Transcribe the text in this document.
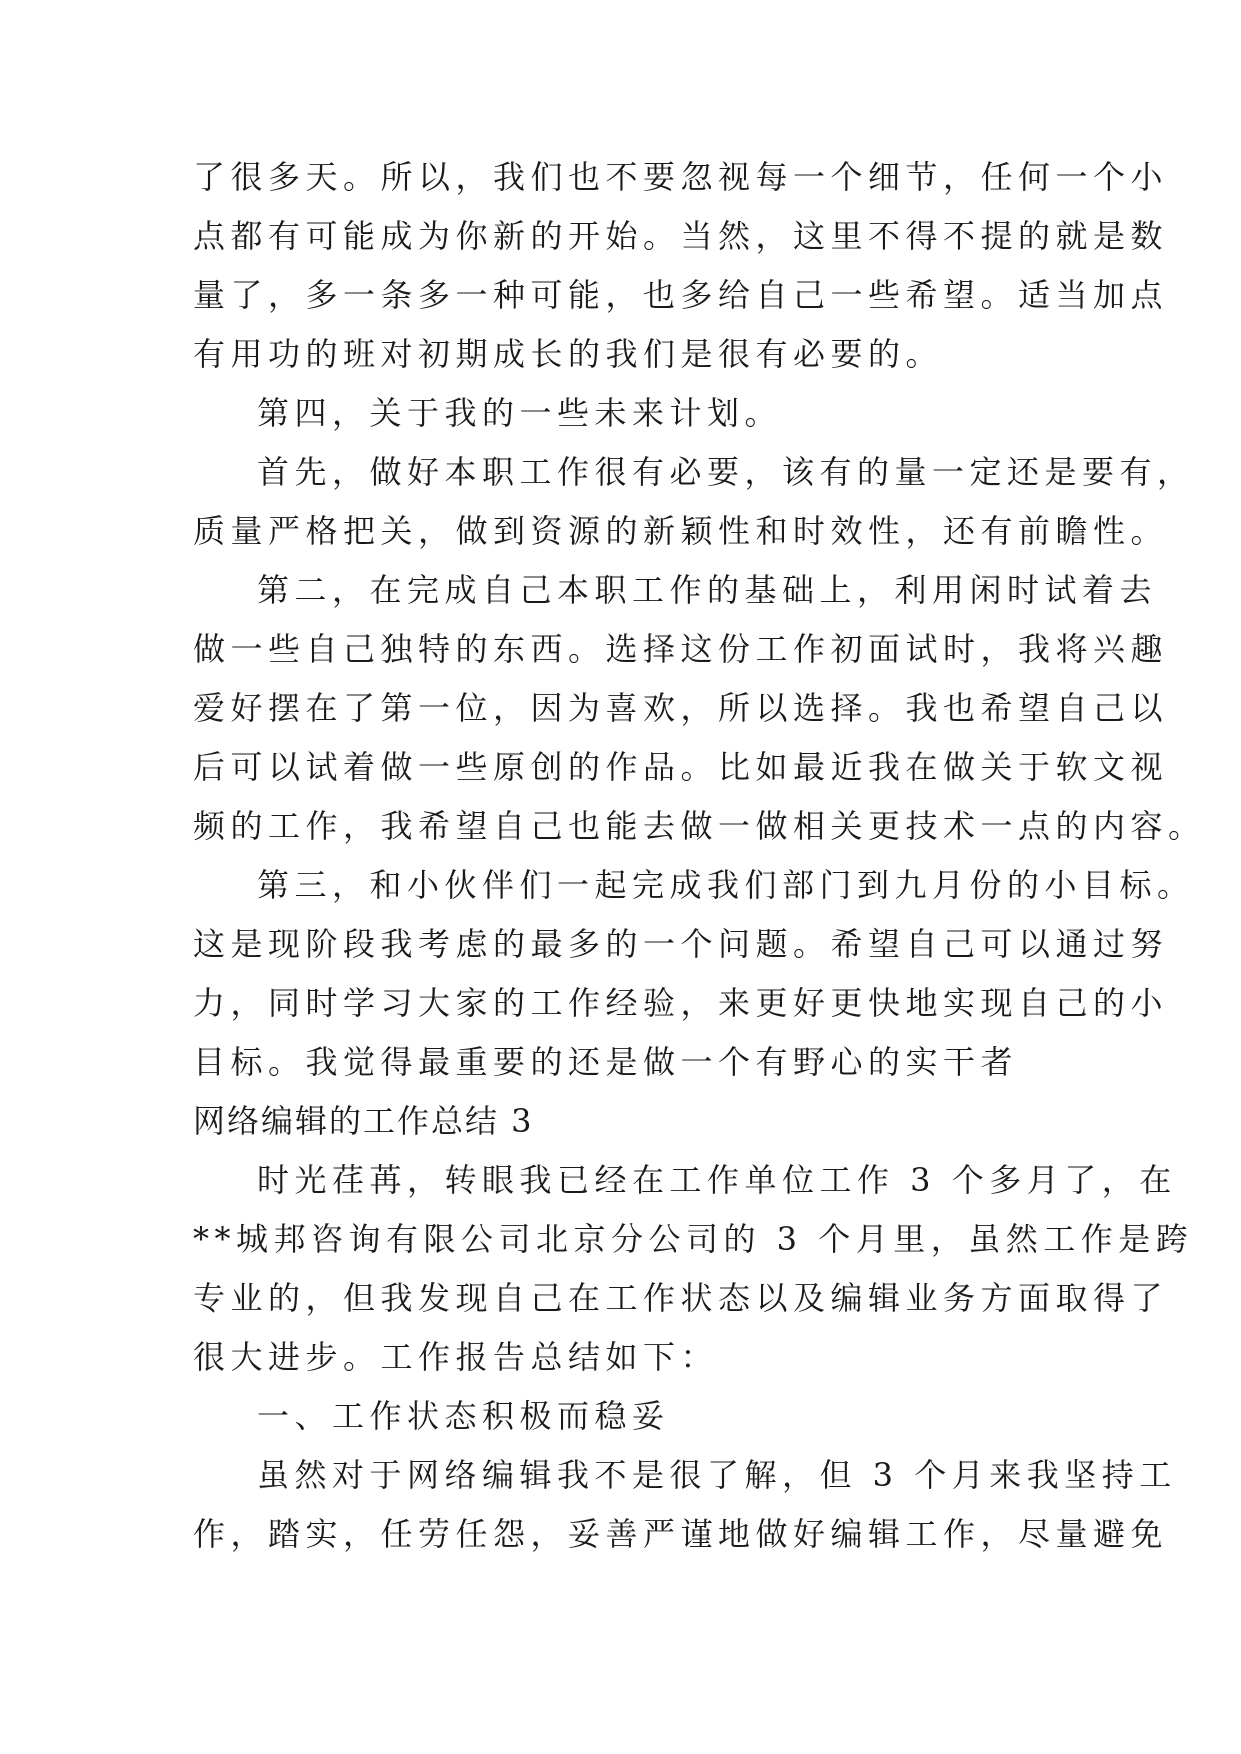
了很多天。所以，我们也不要忽视每一个细节，任何一个小
点都有可能成为你新的开始。当然，这里不得不提的就是数
量了，多一条多一种可能，也多给自己一些希望。适当加点
有用功的班对初期成长的我们是很有必要的。
第四，关于我的一些未来计划。
首先，做好本职工作很有必要，该有的量一定还是要有，
质量严格把关，做到资源的新颖性和时效性，还有前瞻性。
第二，在完成自己本职工作的基础上，利用闲时试着去
做一些自己独特的东西。选择这份工作初面试时，我将兴趣
爱好摆在了第一位，因为喜欢，所以选择。我也希望自己以
后可以试着做一些原创的作品。比如最近我在做关于软文视
频的工作，我希望自己也能去做一做相关更技术一点的内容。
第三，和小伙伴们一起完成我们部门到九月份的小目标。
这是现阶段我考虑的最多的一个问题。希望自己可以通过努
力，同时学习大家的工作经验，来更好更快地实现自己的小
目标。我觉得最重要的还是做一个有野心的实干者
网络编辑的工作总结 3
时光荏苒，转眼我已经在工作单位工作 3 个多月了，在
**城邦咨询有限公司北京分公司的 3 个月里，虽然工作是跨
专业的，但我发现自己在工作状态以及编辑业务方面取得了
很大进步。工作报告总结如下：
一、工作状态积极而稳妥
虽然对于网络编辑我不是很了解，但 3 个月来我坚持工
作，踏实，任劳任怨，妥善严谨地做好编辑工作，尽量避免
